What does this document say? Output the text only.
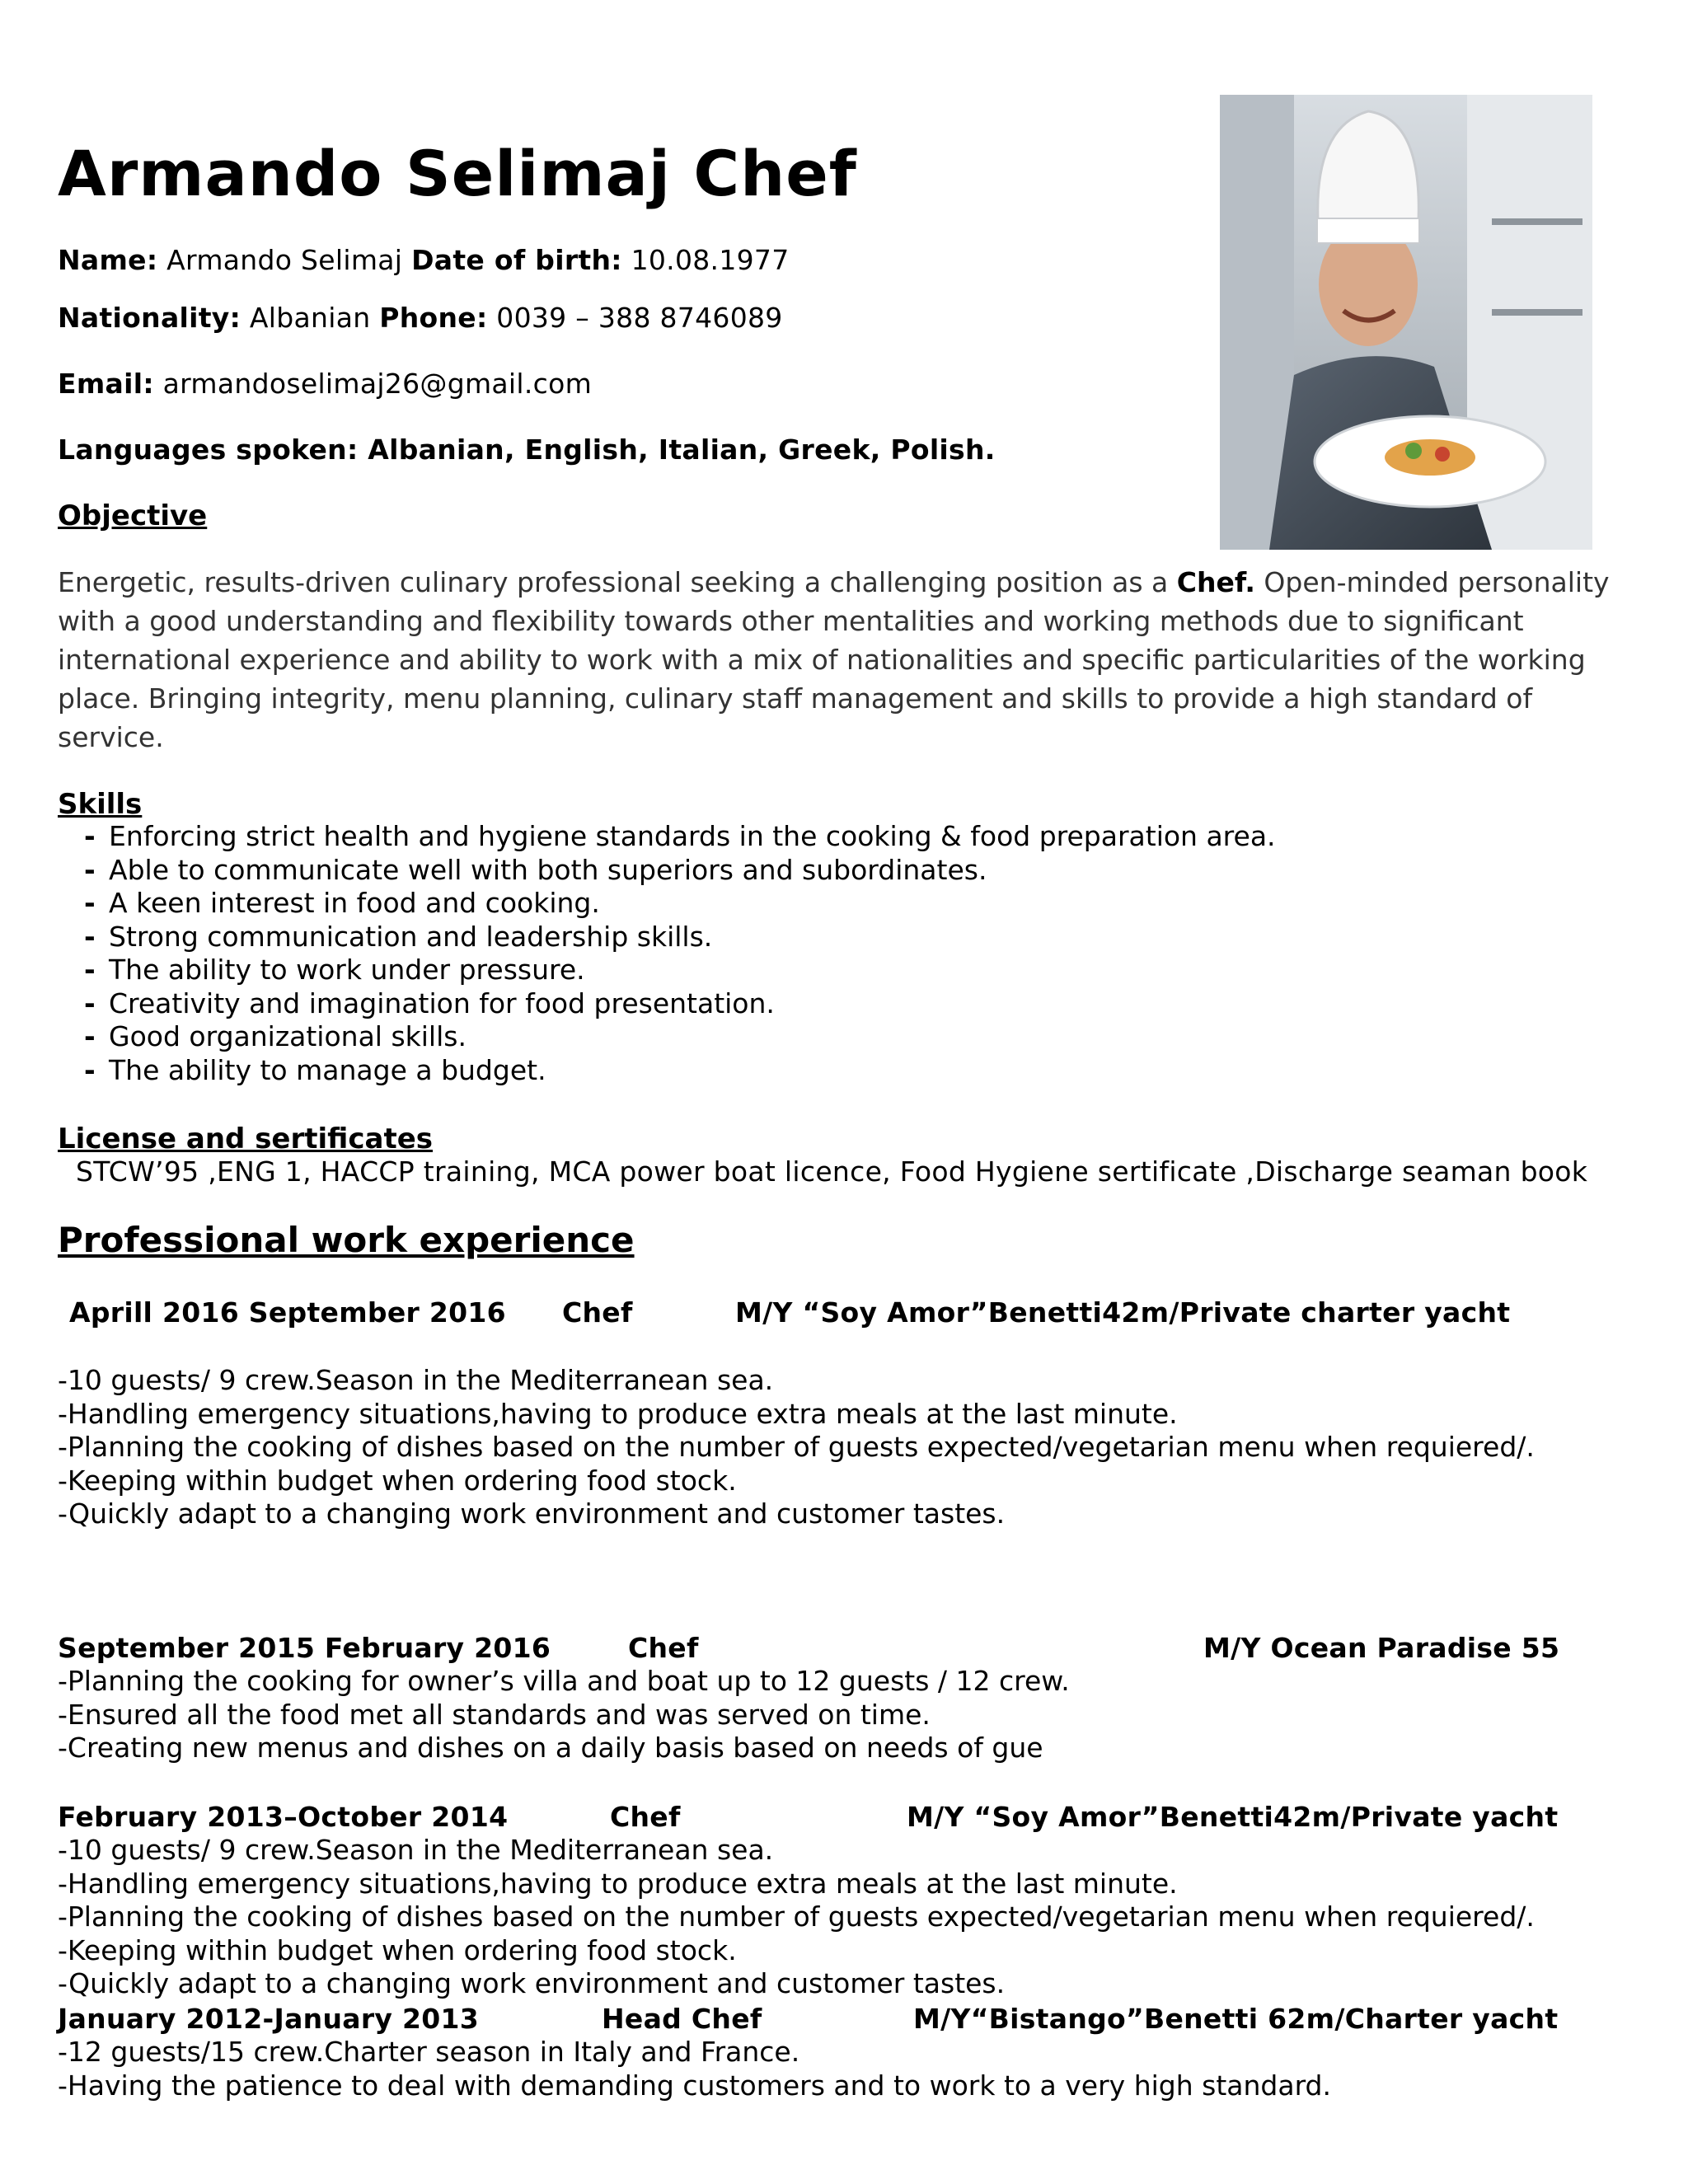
Armando Selimaj Chef
Name: Armando Selimaj Date of birth: 10.08.1977
Nationality: Albanian Phone: 0039 – 388 8746089
Email: armandoselimaj26@gmail.com
Languages spoken: Albanian, English, Italian, Greek, Polish.
Objective
Energetic, results-driven culinary professional seeking a challenging position as a Chef. Open-minded personality with a good understanding and flexibility towards other mentalities and working methods due to significant international experience and ability to work with a mix of nationalities and specific particularities of the working place. Bringing integrity, menu planning, culinary staff management and skills to provide a high standard of service.
Skills
- Enforcing strict health and hygiene standards in the cooking & food preparation area.
- Able to communicate well with both superiors and subordinates.
- A keen interest in food and cooking.
- Strong communication and leadership skills.
- The ability to work under pressure.
- Creativity and imagination for food presentation.
- Good organizational skills.
- The ability to manage a budget.
License and sertificates
STCW’95 ,ENG 1, HACCP training, MCA power boat licence, Food Hygiene sertificate ,Discharge seaman book
Professional work experience
Aprill 2016 September 2016 Chef	M/Y “Soy Amor”Benetti42m/Private charter yacht
-10 guests/ 9 crew.Season in the Mediterranean sea.
-Handling emergency situations,having to produce extra meals at the last minute.
-Planning the cooking of dishes based on the number of guests expected/vegetarian menu when requiered/.
-Keeping within budget when ordering food stock.
-Quickly adapt to a changing work environment and customer tastes.
September 2015 February 2016	Chef	M/Y Ocean Paradise 55
-Planning the cooking for owner’s villa and boat up to 12 guests / 12 crew.
-Ensured all the food met all standards and was served on time.
-Creating new menus and dishes on a daily basis based on needs of gue
February 2013–October 2014	Chef	M/Y “Soy Amor”Benetti42m/Private yacht
-10 guests/ 9 crew.Season in the Mediterranean sea.
-Handling emergency situations,having to produce extra meals at the last minute.
-Planning the cooking of dishes based on the number of guests expected/vegetarian menu when requiered/.
-Keeping within budget when ordering food stock.
-Quickly adapt to a changing work environment and customer tastes.
January 2012-January 2013	Head Chef	M/Y“Bistango”Benetti 62m/Charter yacht
-12 guests/15 crew.Charter season in Italy and France.
-Having the patience to deal with demanding customers and to work to a very high standard.
